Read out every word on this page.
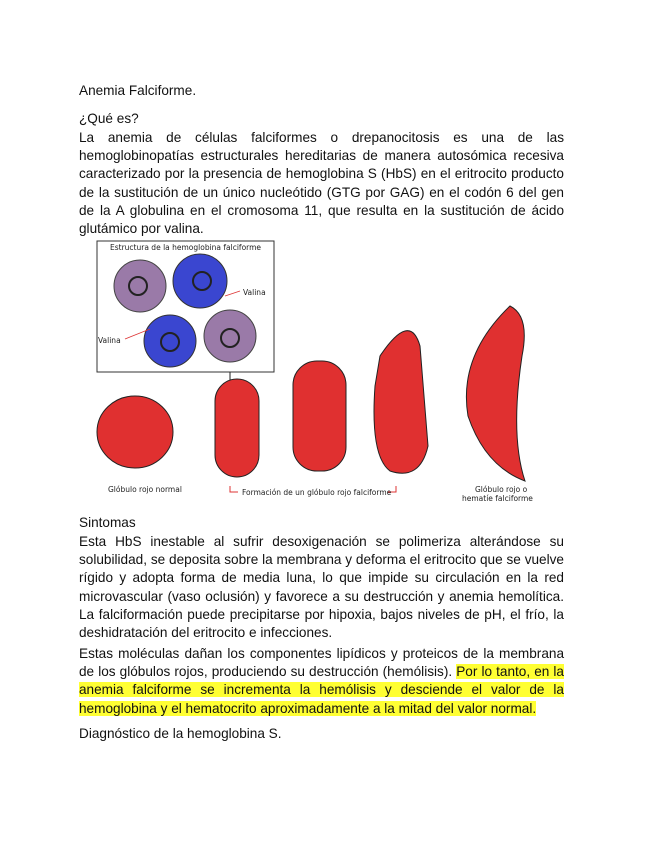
Anemia Falciforme.

¿Qué es?

La anemia de células falciformes o drepanocitosis es una de las hemoglobinopatías estructurales hereditarias de manera autosómica recesiva caracterizado por la presencia de hemoglobina S (HbS) en el eritrocito producto de la sustitución de un único nucleótido (GTG por GAG) en el codón 6 del gen de la A globulina en el cromosoma 11, que resulta en la sustitución de ácido glutámico por valina.

Estructura de la hemoglobina falciforme
Valina
Valina
Glóbulo rojo normal	Formación de un glóbulo rojo falciforme	Glóbulo rojo o
hematíe falciforme

Sintomas

Esta HbS inestable al sufrir desoxigenación se polimeriza alterándose su solubilidad, se deposita sobre la membrana y deforma el eritrocito que se vuelve rígido y adopta forma de media luna, lo que impide su circulación en la red microvascular (vaso oclusión) y favorece a su destrucción y anemia hemolítica. La falciformación puede precipitarse por hipoxia, bajos niveles de pH, el frío, la deshidratación del eritrocito e infecciones.

Estas moléculas dañan los componentes lipídicos y proteicos de la membrana de los glóbulos rojos, produciendo su destrucción (hemólisis). Por lo tanto, en la anemia falciforme se incrementa la hemólisis y desciende el valor de la hemoglobina y el hematocrito aproximadamente a la mitad del valor normal.

Diagnóstico de la hemoglobina S.
